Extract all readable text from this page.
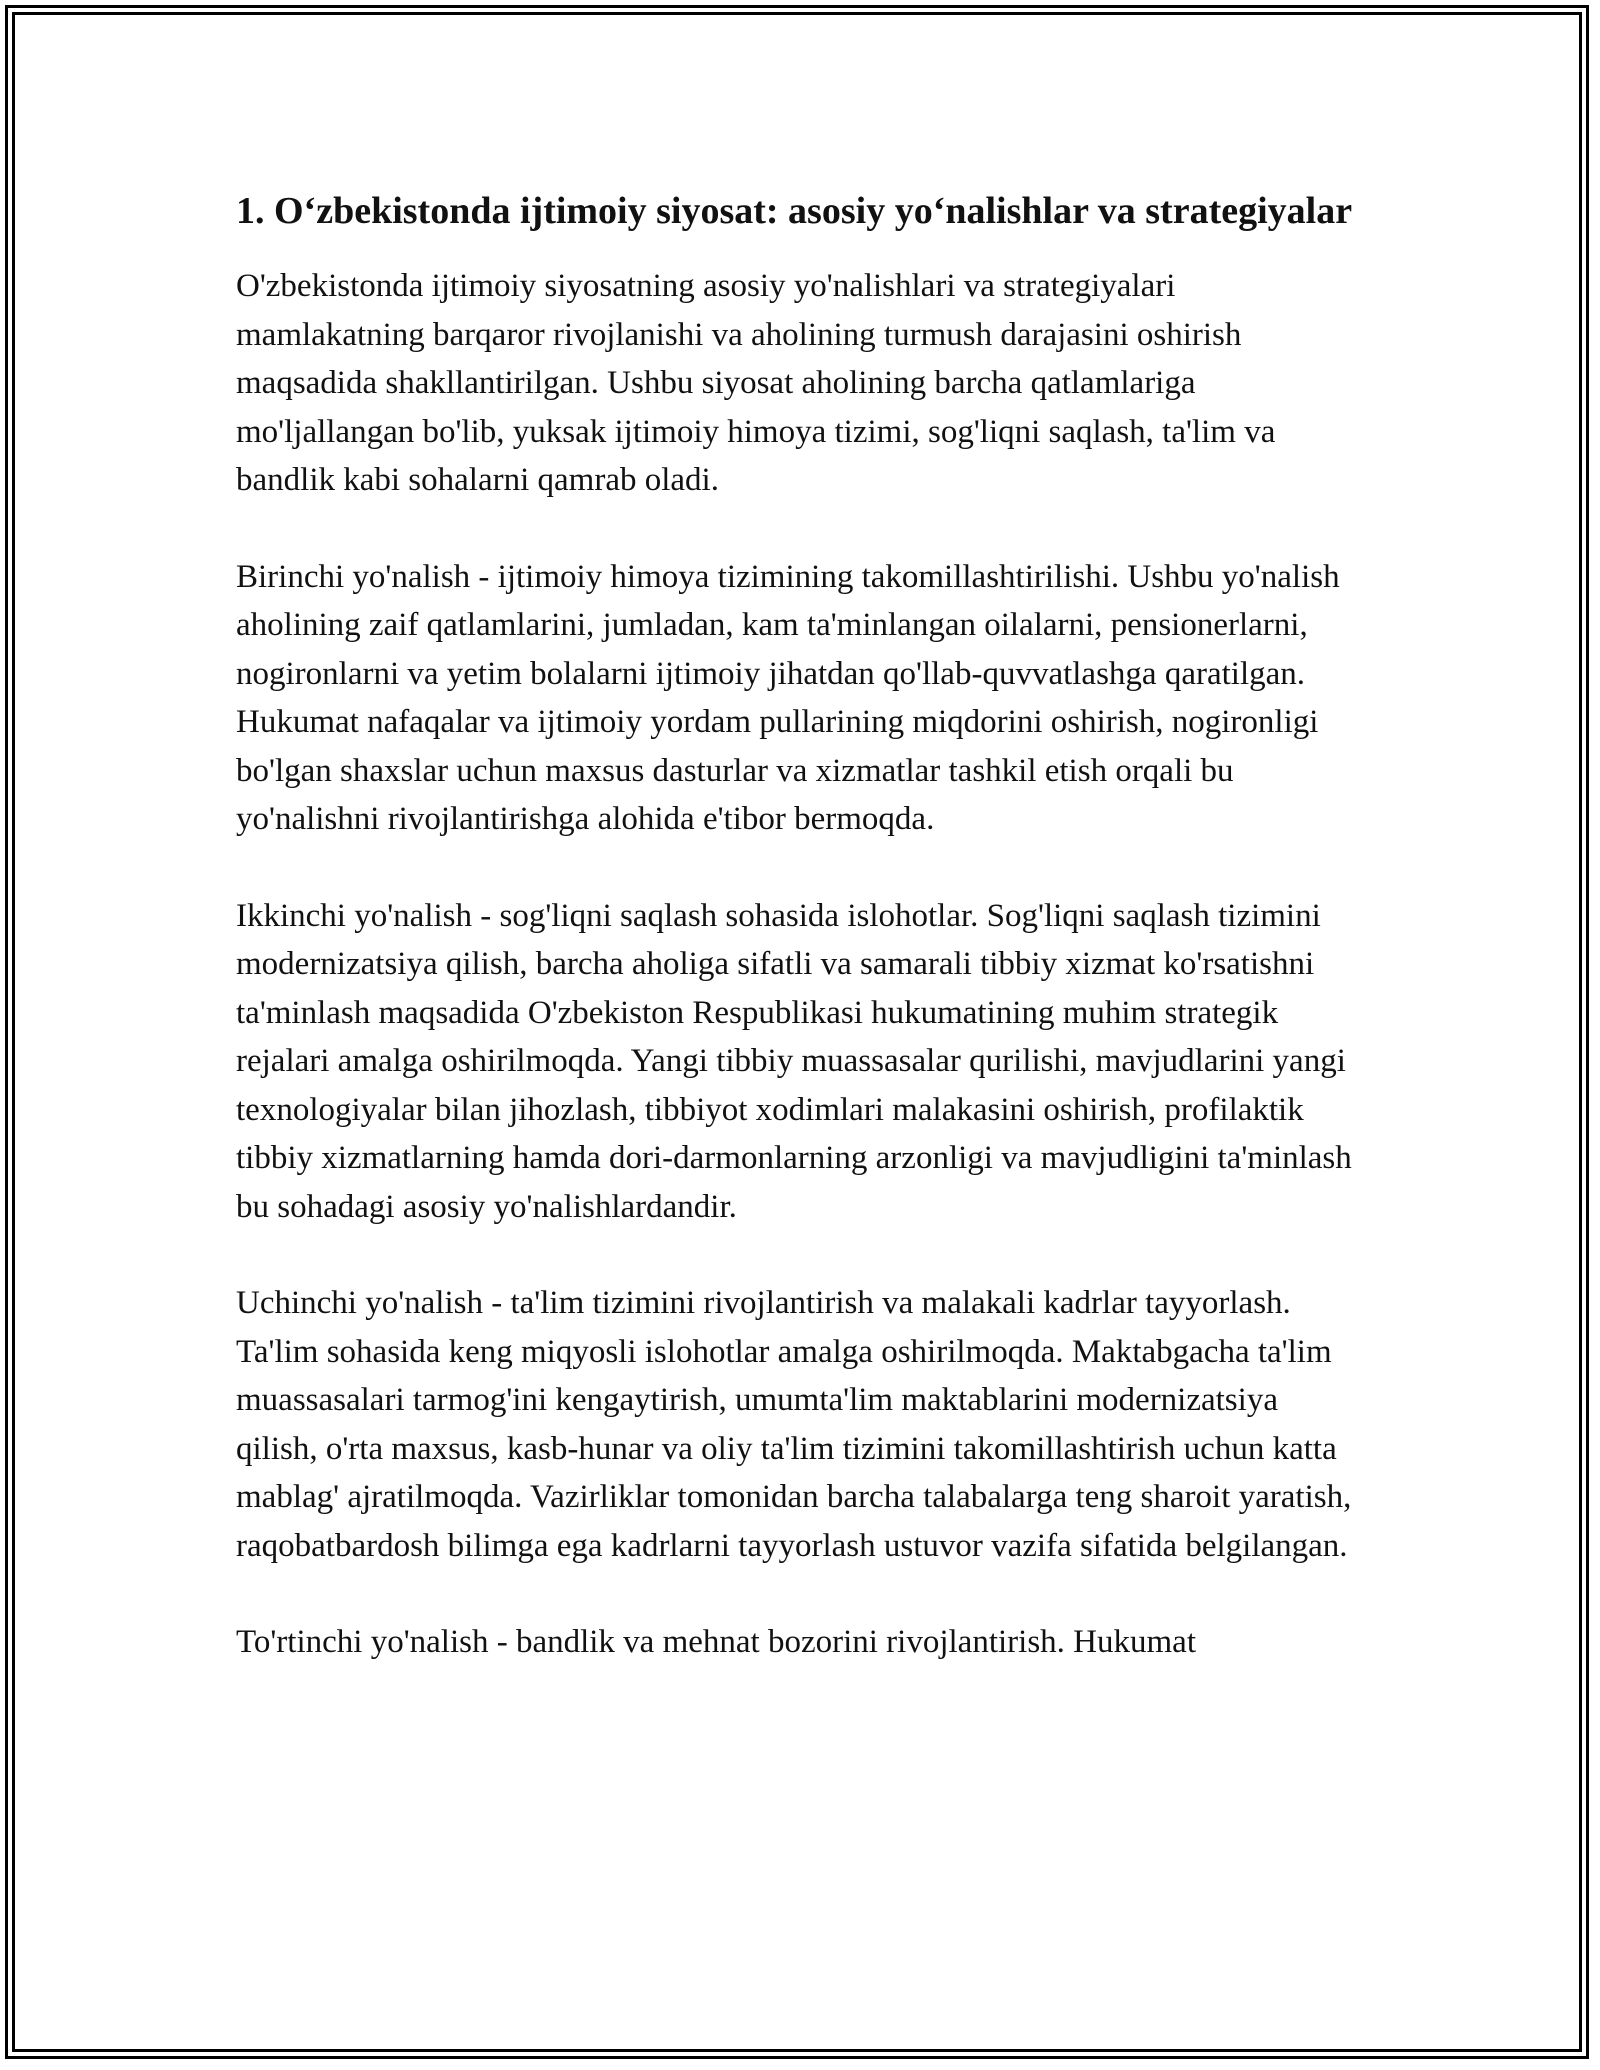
1. O‘zbekistonda ijtimoiy siyosat: asosiy yo‘nalishlar va strategiyalar

O'zbekistonda ijtimoiy siyosatning asosiy yo'nalishlari va strategiyalari mamlakatning barqaror rivojlanishi va aholining turmush darajasini oshirish maqsadida shakllantirilgan. Ushbu siyosat aholining barcha qatlamlariga mo'ljallangan bo'lib, yuksak ijtimoiy himoya tizimi, sog'liqni saqlash, ta'lim va bandlik kabi sohalarni qamrab oladi.

Birinchi yo'nalish - ijtimoiy himoya tizimining takomillashtirilishi. Ushbu yo'nalish aholining zaif qatlamlarini, jumladan, kam ta'minlangan oilalarni, pensionerlarni, nogironlarni va yetim bolalarni ijtimoiy jihatdan qo'llab-quvvatlashga qaratilgan. Hukumat nafaqalar va ijtimoiy yordam pullarining miqdorini oshirish, nogironligi bo'lgan shaxslar uchun maxsus dasturlar va xizmatlar tashkil etish orqali bu yo'nalishni rivojlantirishga alohida e'tibor bermoqda.

Ikkinchi yo'nalish - sog'liqni saqlash sohasida islohotlar. Sog'liqni saqlash tizimini modernizatsiya qilish, barcha aholiga sifatli va samarali tibbiy xizmat ko'rsatishni ta'minlash maqsadida O'zbekiston Respublikasi hukumatining muhim strategik rejalari amalga oshirilmoqda. Yangi tibbiy muassasalar qurilishi, mavjudlarini yangi texnologiyalar bilan jihozlash, tibbiyot xodimlari malakasini oshirish, profilaktik tibbiy xizmatlarning hamda dori-darmonlarning arzonligi va mavjudligini ta'minlash bu sohadagi asosiy yo'nalishlardandir.

Uchinchi yo'nalish - ta'lim tizimini rivojlantirish va malakali kadrlar tayyorlash. Ta'lim sohasida keng miqyosli islohotlar amalga oshirilmoqda. Maktabgacha ta'lim muassasalari tarmog'ini kengaytirish, umumta'lim maktablarini modernizatsiya qilish, o'rta maxsus, kasb-hunar va oliy ta'lim tizimini takomillashtirish uchun katta mablag' ajratilmoqda. Vazirliklar tomonidan barcha talabalarga teng sharoit yaratish, raqobatbardosh bilimga ega kadrlarni tayyorlash ustuvor vazifa sifatida belgilangan.

To'rtinchi yo'nalish - bandlik va mehnat bozorini rivojlantirish. Hukumat
